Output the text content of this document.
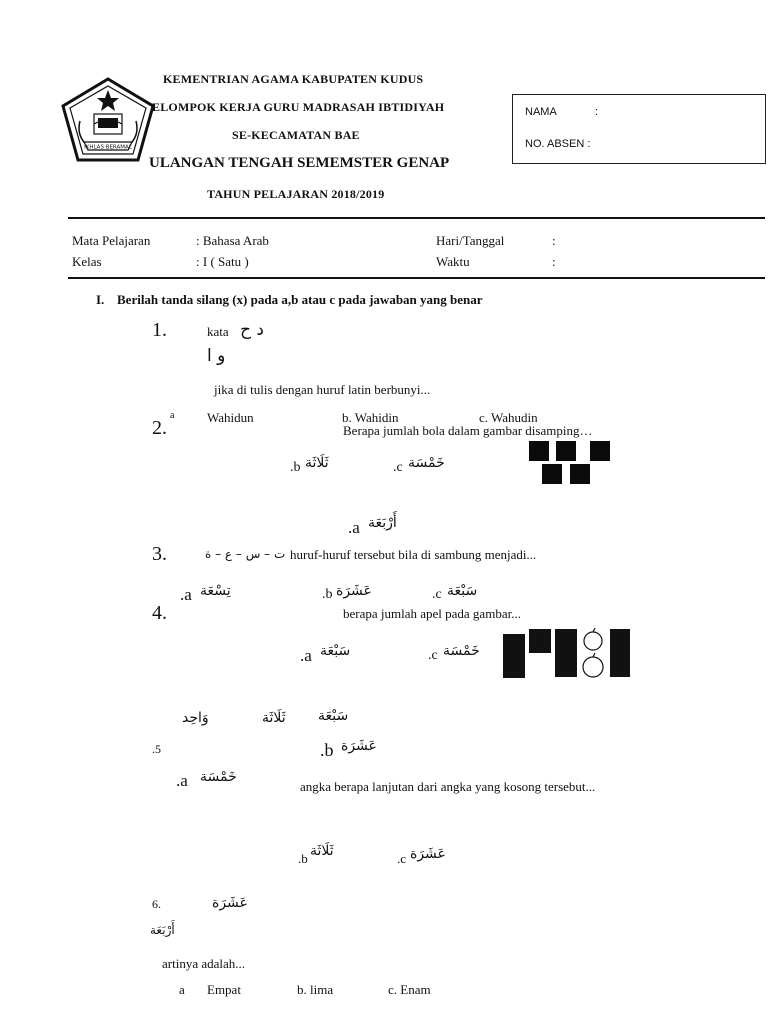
IKHLAS BERAMAL
KEMENTRIAN AGAMA KABUPATEN KUDUS
ELOMPOK KERJA GURU MADRASAH IBTIDIYAH
SE-KECAMATAN BAE
ULANGAN TENGAH SEMEMSTER GENAP
TAHUN PELAJARAN 2018/2019
NAMA	:
NO. ABSEN :
Mata Pelajaran	: Bahasa Arab
Kelas	: I ( Satu )
Hari/Tanggal	:
Waktu	:
I. Berilah tanda silang (x) pada a,b atau c pada jawaban yang benar
1.	kata د ح
و ا
jika di tulis dengan huruf latin berbunyi...
2.
a	Wahidun	b. Wahidin	c. Wahudin
Berapa jumlah bola dalam gambar disamping…
.b ثَلَاثَة	.c خَمْسَة
.a أَرْبَعَة
3.	ت – س – ع – ة huruf-huruf tersebut bila di sambung menjadi...
.a تِسْعَة	.b عَشَرَة	.c سَبْعَة
4.	berapa jumlah apel pada gambar...
.a سَبْعَة	.c خَمْسَة
وَاحِد	ثَلَاثَة سَبْعَة
.5	.b عَشَرَة
.a خَمْسَة
angka berapa lanjutan dari angka yang kosong tersebut...
.b ثَلَاثَة	.c عَشَرَة
6.	عَشَرَة
أَرْبَعَة
artinya adalah...
a Empat	b. lima	c. Enam
